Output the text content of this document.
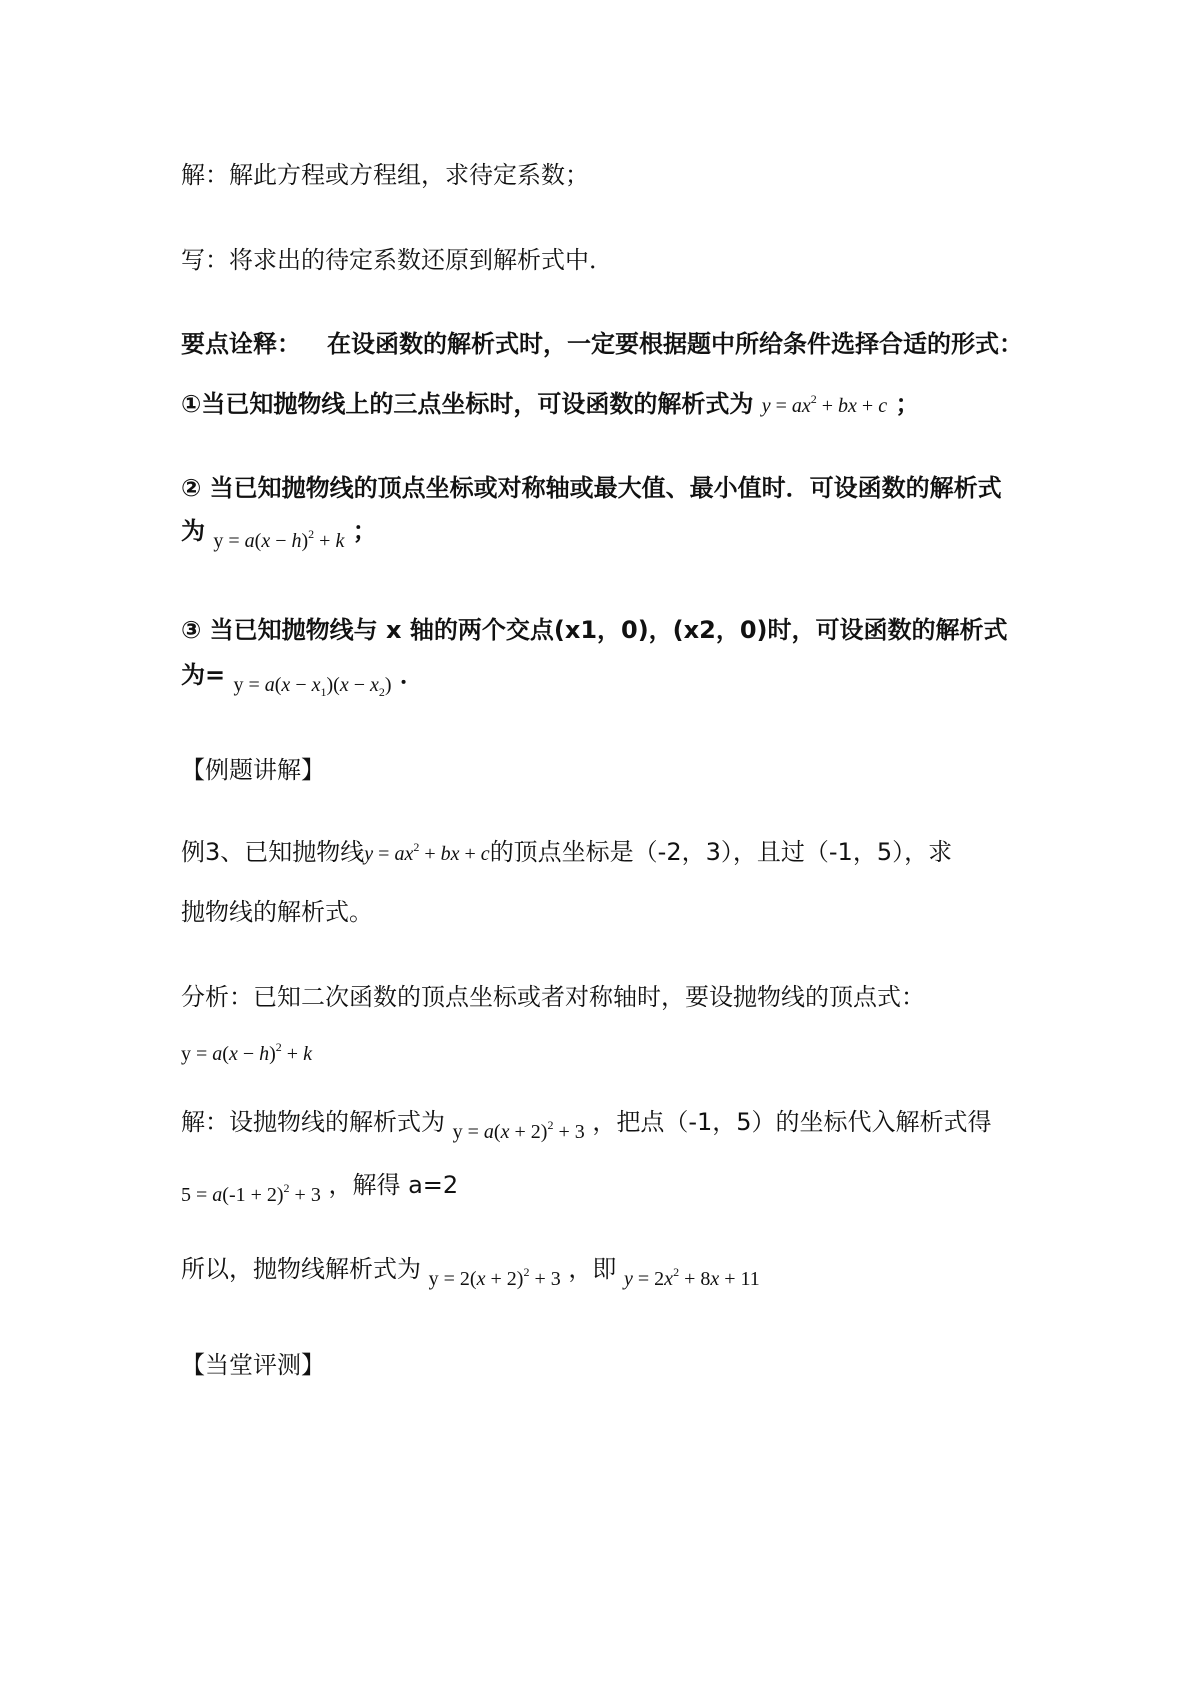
解：解此方程或方程组，求待定系数；
写：将求出的待定系数还原到解析式中．
要点诠释： 在设函数的解析式时，一定要根据题中所给条件选择合适的形式：
①当已知抛物线上的三点坐标时，可设函数的解析式为 $y = ax^2$ + bx + c ；
② 当已知抛物线的顶点坐标或对称轴或最大值、最小值时．可设函数的解析式
为 $_{y = a(x - h)^2 + k}$ ；
③ 当已知抛物线与 x 轴的两个交点(x1，0)，(x2，0)时，可设函数的解析式
为= $_{y = a(x - x_1)(x - x_2)}$ ．
【例题讲解】
例3、已知抛物线$y = ax^2$ + bx + c的顶点坐标是（-2，3），且过（-1，5），求
抛物线的解析式。
分析：已知二次函数的顶点坐标或者对称轴时，要设抛物线的顶点式：
$y = a(x - h)^2 + k$
解：设抛物线的解析式为 $_{y = a(x + 2)^2 + 3}$ ，把点（-1，5）的坐标代入解析式得
$_{5 = a(-1 + 2)^2 + 3}$ ，解得 a=2
所以，抛物线解析式为 $_{y = 2(x + 2)^2 + 3}$ ，即 $_{y = 2x^2 + 8x + 11}$
【当堂评测】
